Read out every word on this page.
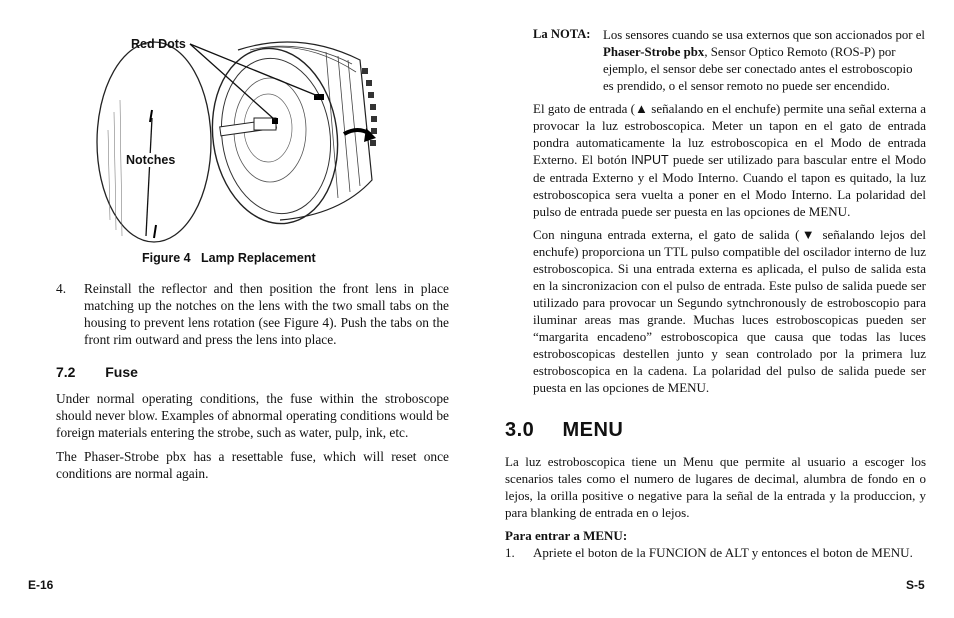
Red Dots
Notches
Figure 4   Lamp Replacement
4. Reinstall the reflector and then position the front lens in place matching up the notches on the lens with the two small tabs on the housing to prevent lens rotation (see Figure 4). Push the tabs on the front rim outward and press the lens into place.
7.2 Fuse
Under normal operating conditions, the fuse within the stroboscope should never blow. Examples of abnormal operating conditions would be foreign materials entering the strobe, such as water, pulp, ink, etc.
The Phaser-Strobe pbx has a resettable fuse, which will reset once conditions are normal again.
E-16
La NOTA: Los sensores cuando se usa externos que son accionados por el Phaser-Strobe pbx, Sensor Optico Remoto (ROS-P) por ejemplo, el sensor debe ser conectado antes el estroboscopio es prendido, o el sensor remoto no puede ser encendido.
El gato de entrada (▲ señalando en el enchufe) permite una señal externa a provocar la luz estroboscopica. Meter un tapon en el gato de entrada pondra automaticamente la luz estroboscopica en el Modo de entrada Externo. El botón INPUT puede ser utilizado para bascular entre el Modo de entrada Externo y el Modo Interno. Cuando el tapon es quitado, la luz estroboscopica sera vuelta a poner en el Modo Interno. La polaridad del pulso de entrada puede ser puesta en las opciones de MENU.
Con ninguna entrada externa, el gato de salida (▼ señalando lejos del enchufe) proporciona un TTL pulso compatible del oscilador interno de luz estroboscopica. Si una entrada externa es aplicada, el pulso de salida esta en la sincronizacion con el pulso de entrada. Este pulso de salida puede ser utilizado para provocar un Segundo sytnchronously de estroboscopio para iluminar areas mas grande. Muchas luces estroboscopicas pueden ser “margarita encadeno” estroboscopica que causa que todas las luces estroboscopicas destellen junto y sean controlado por la primera luz estroboscopica en la cadena. La polaridad del pulso de salida puede ser puesta en las opciones de MENU.
3.0 MENU
La luz estroboscopica tiene un Menu que permite al usuario a escoger los scenarios tales como el numero de lugares de decimal, alumbra de fondo en o lejos, la orilla positive o negative para la señal de la entrada y la produccion, y para blanking de entrada en o lejos.
Para entrar a MENU:
1. Apriete el boton de la FUNCION de ALT y entonces el boton de MENU.
S-5
